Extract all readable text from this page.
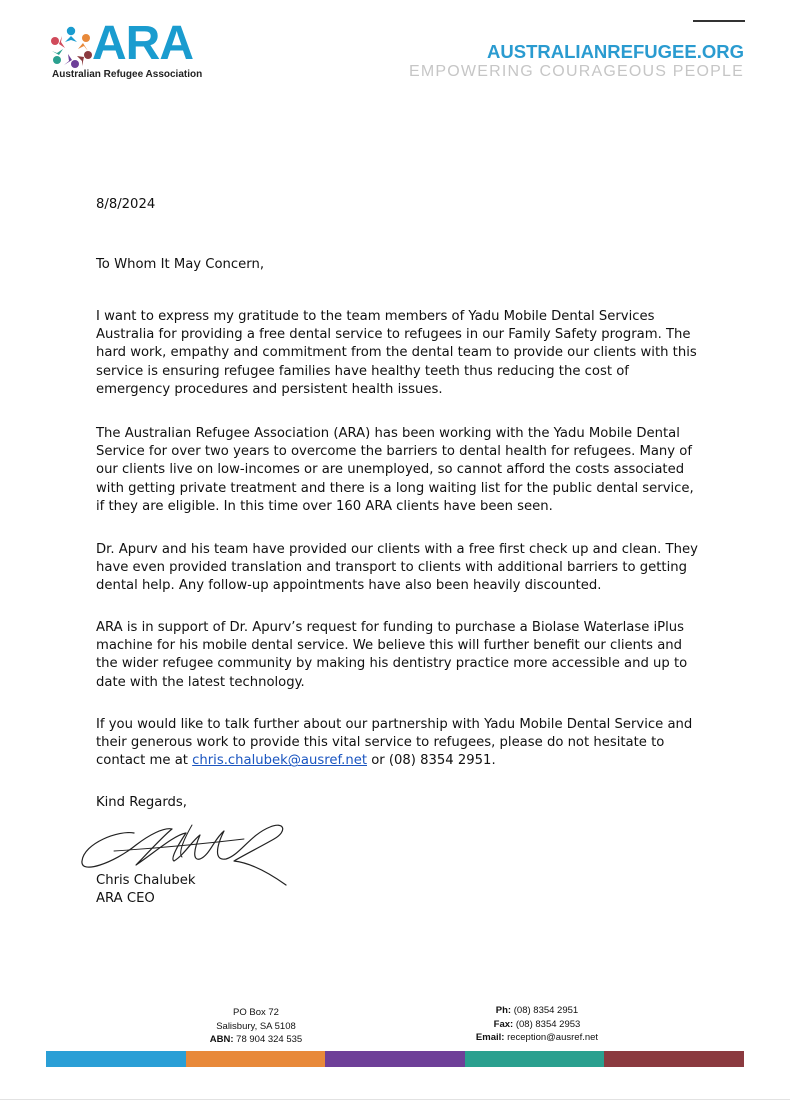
ARA
Australian Refugee Association
AUSTRALIANREFUGEE.ORG
EMPOWERING COURAGEOUS PEOPLE
8/8/2024
To Whom It May Concern,

I want to express my gratitude to the team members of Yadu Mobile Dental Services Australia for providing a free dental service to refugees in our Family Safety program. The hard work, empathy and commitment from the dental team to provide our clients with this service is ensuring refugee families have healthy teeth thus reducing the cost of emergency procedures and persistent health issues.

The Australian Refugee Association (ARA) has been working with the Yadu Mobile Dental Service for over two years to overcome the barriers to dental health for refugees. Many of our clients live on low-incomes or are unemployed, so cannot afford the costs associated with getting private treatment and there is a long waiting list for the public dental service, if they are eligible. In this time over 160 ARA clients have been seen.

Dr. Apurv and his team have provided our clients with a free first check up and clean. They have even provided translation and transport to clients with additional barriers to getting dental help. Any follow-up appointments have also been heavily discounted.

ARA is in support of Dr. Apurv’s request for funding to purchase a Biolase Waterlase iPlus machine for his mobile dental service. We believe this will further benefit our clients and the wider refugee community by making his dentistry practice more accessible and up to date with the latest technology.

If you would like to talk further about our partnership with Yadu Mobile Dental Service and their generous work to provide this vital service to refugees, please do not hesitate to contact me at chris.chalubek@ausref.net or (08) 8354 2951.

Kind Regards,
Chris Chalubek
ARA CEO
PO Box 72
Salisbury, SA 5108
ABN: 78 904 324 535
Ph: (08) 8354 2951
Fax: (08) 8354 2953
Email: reception@ausref.net
